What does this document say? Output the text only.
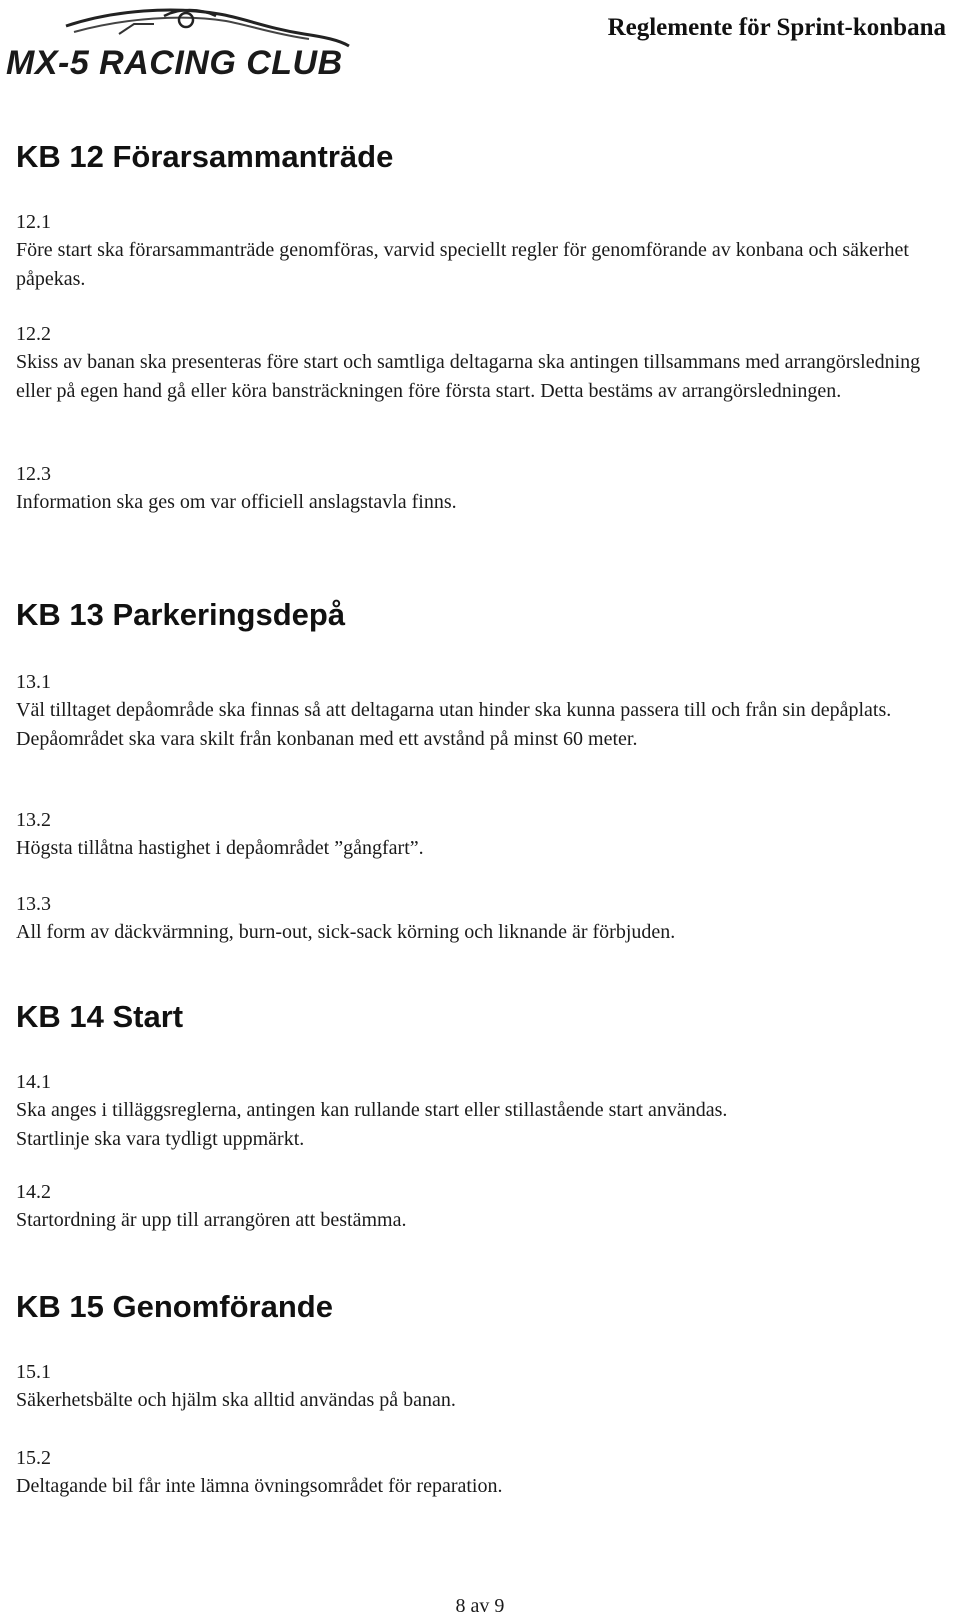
MX-5 RACING CLUB
Reglemente för Sprint-konbana
KB 12 Förarsammanträde

12.1

Före start ska förarsammanträde genomföras, varvid speciellt regler för genomförande av konbana och säkerhet påpekas.

12.2

Skiss av banan ska presenteras före start och samtliga deltagarna ska antingen tillsammans med arrangörsledning eller på egen hand gå eller köra bansträckningen före första start. Detta bestäms av arrangörsledningen.

12.3

Information ska ges om var officiell anslagstavla finns.

KB 13 Parkeringsdepå

13.1

Väl tilltaget depåområde ska finnas så att deltagarna utan hinder ska kunna passera till och från sin depåplats.

Depåområdet ska vara skilt från konbanan med ett avstånd på minst 60 meter.

13.2

Högsta tillåtna hastighet i depåområdet ”gångfart”.

13.3

All form av däckvärmning, burn-out, sick-sack körning och liknande är förbjuden.

KB 14 Start

14.1

Ska anges i tilläggsreglerna, antingen kan rullande start eller stillastående start användas.

Startlinje ska vara tydligt uppmärkt.

14.2

Startordning är upp till arrangören att bestämma.

KB 15 Genomförande

15.1

Säkerhetsbälte och hjälm ska alltid användas på banan.

15.2

Deltagande bil får inte lämna övningsområdet för reparation.

8 av 9
